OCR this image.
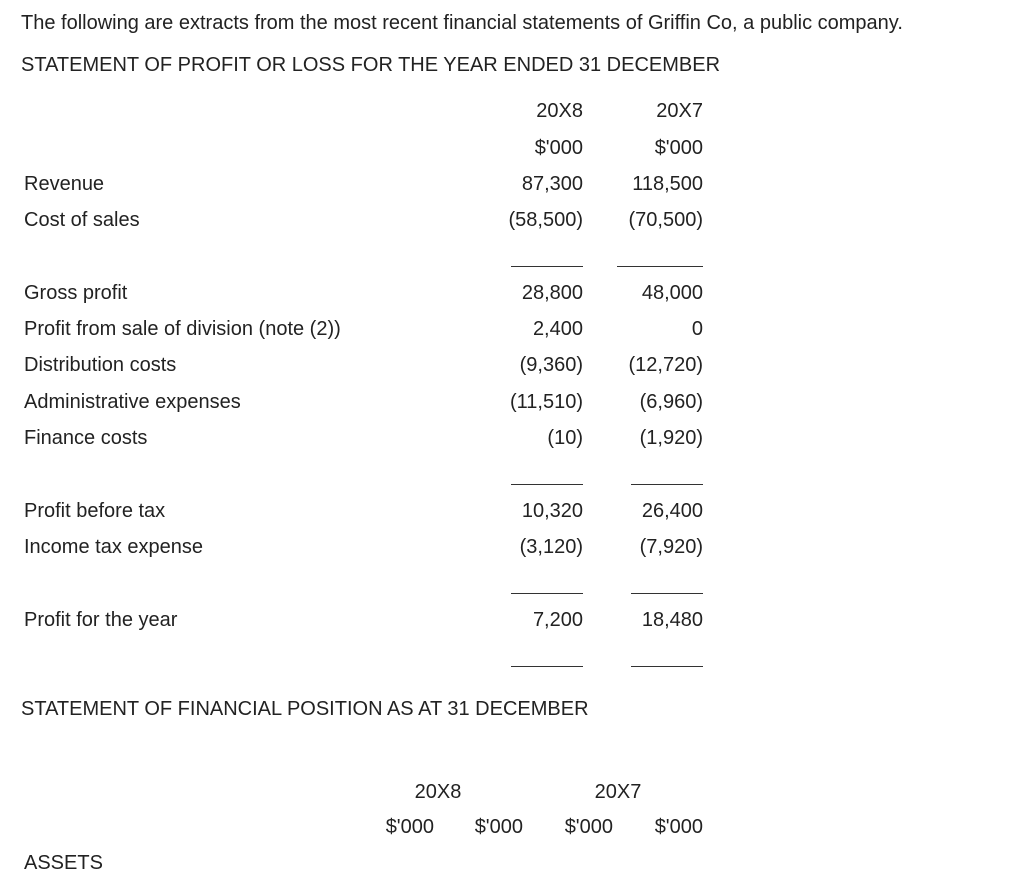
The following are extracts from the most recent financial statements of Griffin Co, a public company.
STATEMENT OF PROFIT OR LOSS FOR THE YEAR ENDED 31 DECEMBER
20X8	20X7
$'000	$'000
Revenue	87,300 118,500
Cost of sales	(58,500) (70,500)
Gross profit	28,800	48,000
Profit from sale of division (note (2))	2,400	0
Distribution costs	(9,360) (12,720)
Administrative expenses	(11,510)	(6,960)
Finance costs	(10)	(1,920)
Profit before tax	10,320	26,400
Income tax expense	(3,120)	(7,920)
Profit for the year	7,200	18,480
STATEMENT OF FINANCIAL POSITION AS AT 31 DECEMBER
20X8	20X7
$'000 $'000 $'000 $'000
ASSETS
